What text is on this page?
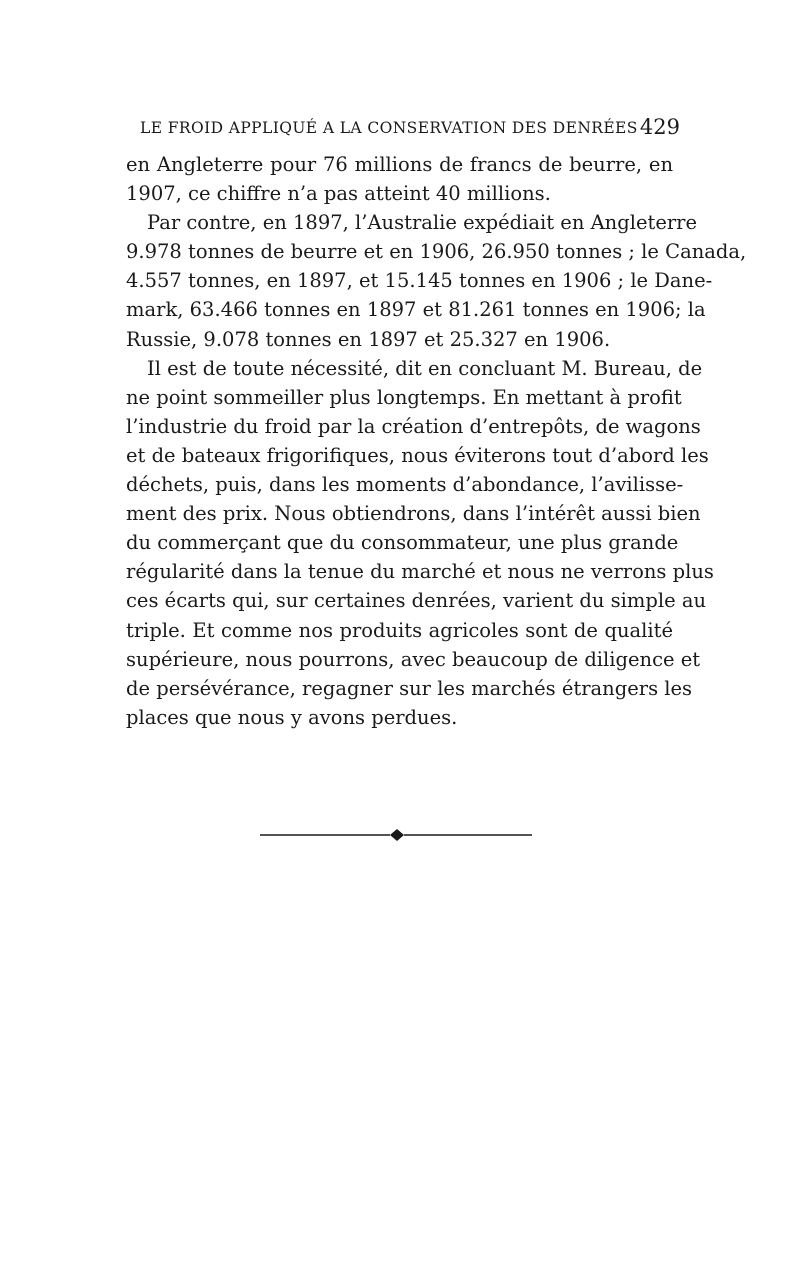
LE FROID APPLIQUÉ A LA CONSERVATION DES DENRÉES 429
en Angleterre pour 76 millions de francs de beurre, en
1907, ce chiffre n’a pas atteint 40 millions.
Par contre, en 1897, l’Australie expédiait en Angleterre
9.978 tonnes de beurre et en 1906, 26.950 tonnes ; le Canada,
4.557 tonnes, en 1897, et 15.145 tonnes en 1906 ; le Dane-
mark, 63.466 tonnes en 1897 et 81.261 tonnes en 1906; la
Russie, 9.078 tonnes en 1897 et 25.327 en 1906.
Il est de toute nécessité, dit en concluant M. Bureau, de
ne point sommeiller plus longtemps. En mettant à profit
l’industrie du froid par la création d’entrepôts, de wagons
et de bateaux frigorifiques, nous éviterons tout d’abord les
déchets, puis, dans les moments d’abondance, l’avilisse-
ment des prix. Nous obtiendrons, dans l’intérêt aussi bien
du commerçant que du consommateur, une plus grande
régularité dans la tenue du marché et nous ne verrons plus
ces écarts qui, sur certaines denrées, varient du simple au
triple. Et comme nos produits agricoles sont de qualité
supérieure, nous pourrons, avec beaucoup de diligence et
de persévérance, regagner sur les marchés étrangers les
places que nous y avons perdues.
